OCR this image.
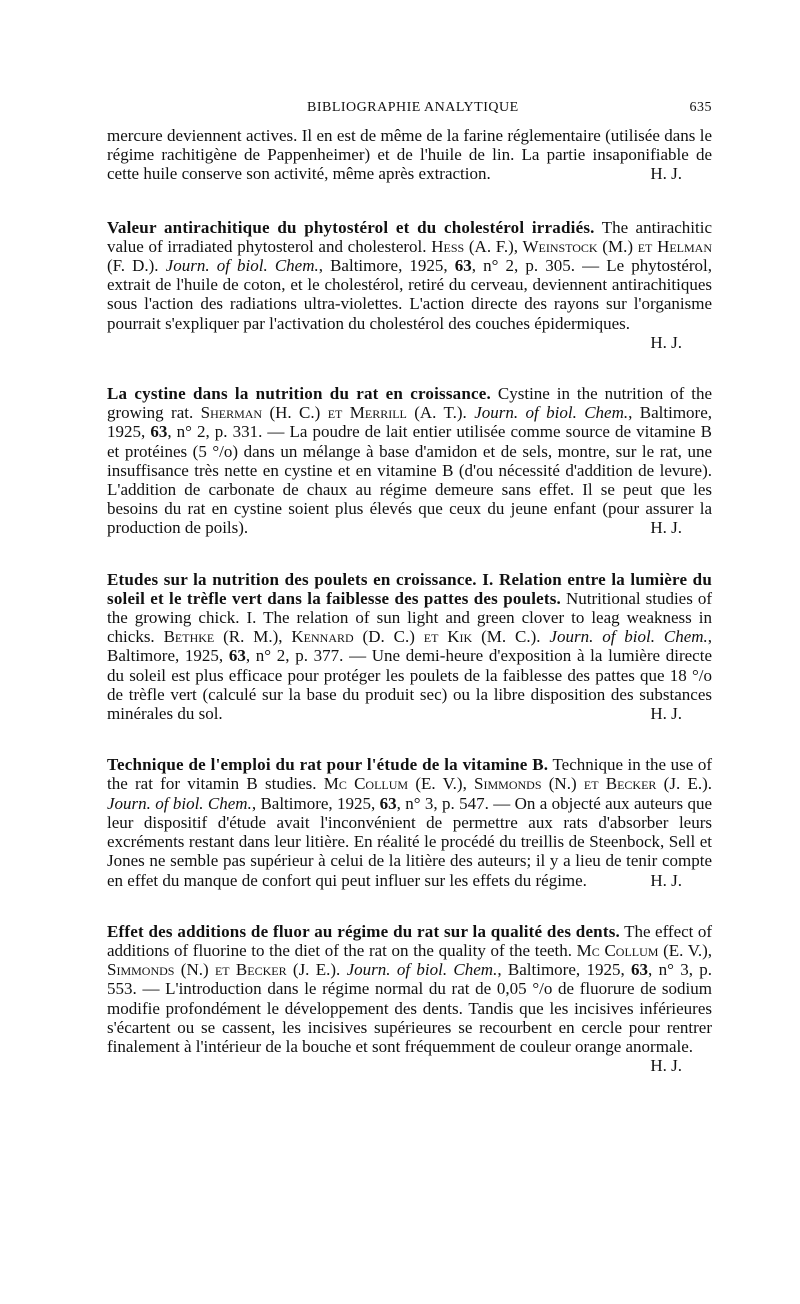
BIBLIOGRAPHIE ANALYTIQUE	635

mercure deviennent actives. Il en est de même de la farine réglementaire (utilisée dans le régime rachitigène de Pappenheimer) et de l'huile de lin. La partie insaponifiable de cette huile conserve son activité, même après extraction.	H. J.

Valeur antirachitique du phytostérol et du cholestérol irradiés. The antirachitic value of irradiated phytosterol and cholesterol. Hess (A. F.), Weinstock (M.) et Helman (F. D.). Journ. of biol. Chem., Baltimore, 1925, 63, n° 2, p. 305. — Le phytostérol, extrait de l'huile de coton, et le cholestérol, retiré du cerveau, deviennent antirachitiques sous l'action des radiations ultra-violettes. L'action directe des rayons sur l'organisme pourrait s'expliquer par l'activation du cholestérol des couches épidermiques.
H. J.

La cystine dans la nutrition du rat en croissance. Cystine in the nutrition of the growing rat. Sherman (H. C.) et Merrill (A. T.). Journ. of biol. Chem., Baltimore, 1925, 63, n° 2, p. 331. — La poudre de lait entier utilisée comme source de vitamine B et protéines (5 °/o) dans un mélange à base d'amidon et de sels, montre, sur le rat, une insuffisance très nette en cystine et en vitamine B (d'ou nécessité d'addition de levure). L'addition de carbonate de chaux au régime demeure sans effet. Il se peut que les besoins du rat en cystine soient plus élevés que ceux du jeune enfant (pour assurer la production de poils).	H. J.

Etudes sur la nutrition des poulets en croissance. I. Relation entre la lumière du soleil et le trèfle vert dans la faiblesse des pattes des poulets. Nutritional studies of the growing chick. I. The relation of sun light and green clover to leag weakness in chicks. Bethke (R. M.), Kennard (D. C.) et Kik (M. C.). Journ. of biol. Chem., Baltimore, 1925, 63, n° 2, p. 377. — Une demi-heure d'exposition à la lumière directe du soleil est plus efficace pour protéger les poulets de la faiblesse des pattes que 18 °/o de trèfle vert (calculé sur la base du produit sec) ou la libre disposition des substances minérales du sol.	H. J.

Technique de l'emploi du rat pour l'étude de la vitamine B. Technique in the use of the rat for vitamin B studies. Mc Collum (E. V.), Simmonds (N.) et Becker (J. E.). Journ. of biol. Chem., Baltimore, 1925, 63, n° 3, p. 547. — On a objecté aux auteurs que leur dispositif d'étude avait l'inconvénient de permettre aux rats d'absorber leurs excréments restant dans leur litière. En réalité le procédé du treillis de Steenbock, Sell et Jones ne semble pas supérieur à celui de la litière des auteurs; il y a lieu de tenir compte en effet du manque de confort qui peut influer sur les effets du régime.	H. J.

Effet des additions de fluor au régime du rat sur la qualité des dents. The effect of additions of fluorine to the diet of the rat on the quality of the teeth. Mc Collum (E. V.), Simmonds (N.) et Becker (J. E.). Journ. of biol. Chem., Baltimore, 1925, 63, n° 3, p. 553. — L'introduction dans le régime normal du rat de 0,05 °/o de fluorure de sodium modifie profondément le développement des dents. Tandis que les incisives inférieures s'écartent ou se cassent, les incisives supérieures se recourbent en cercle pour rentrer finalement à l'intérieur de la bouche et sont fréquemment de couleur orange anormale.
H. J.
